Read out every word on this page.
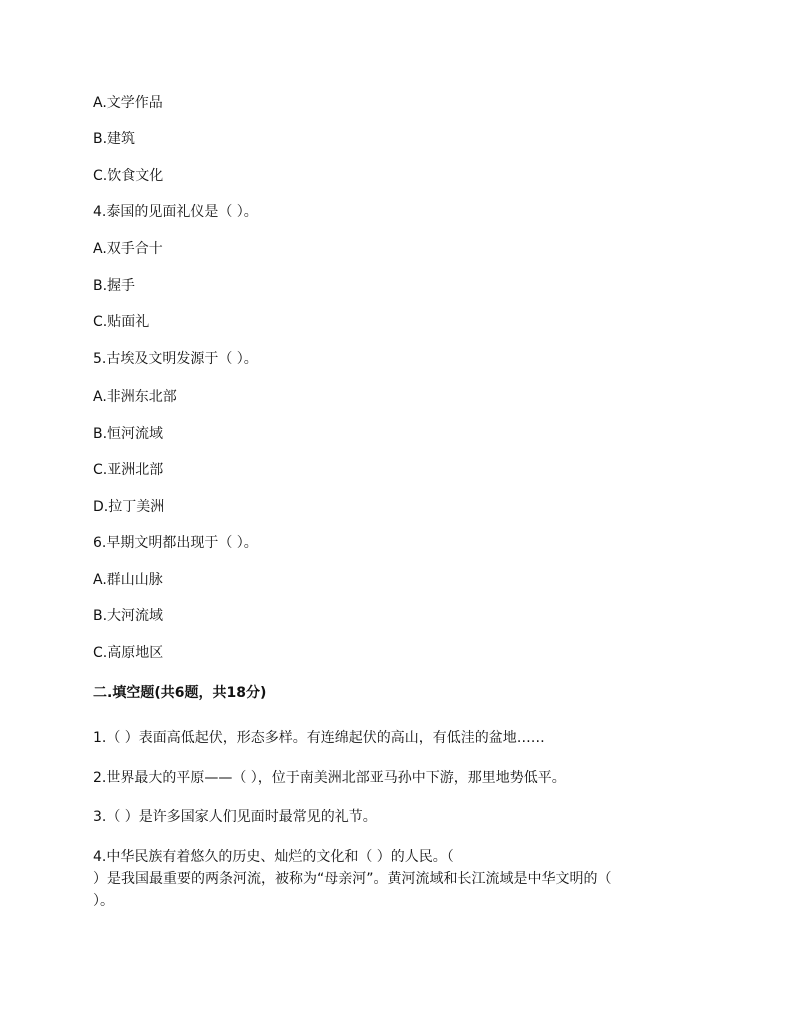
A.文学作品
B.建筑
C.饮食文化
4.泰国的见面礼仪是（ ）。
A.双手合十
B.握手
C.贴面礼
5.古埃及文明发源于（ ）。
A.非洲东北部
B.恒河流域
C.亚洲北部
D.拉丁美洲
6.早期文明都出现于（ ）。
A.群山山脉
B.大河流域
C.高原地区
二.填空题(共6题，共18分)
1.（ ）表面高低起伏，形态多样。有连绵起伏的高山，有低洼的盆地……
2.世界最大的平原——（ ），位于南美洲北部亚马孙中下游，那里地势低平。
3.（ ）是许多国家人们见面时最常见的礼节。
4.中华民族有着悠久的历史、灿烂的文化和（ ）的人民。（
）是我国最重要的两条河流，被称为“母亲河”。黄河流域和长江流域是中华文明的（
）。
